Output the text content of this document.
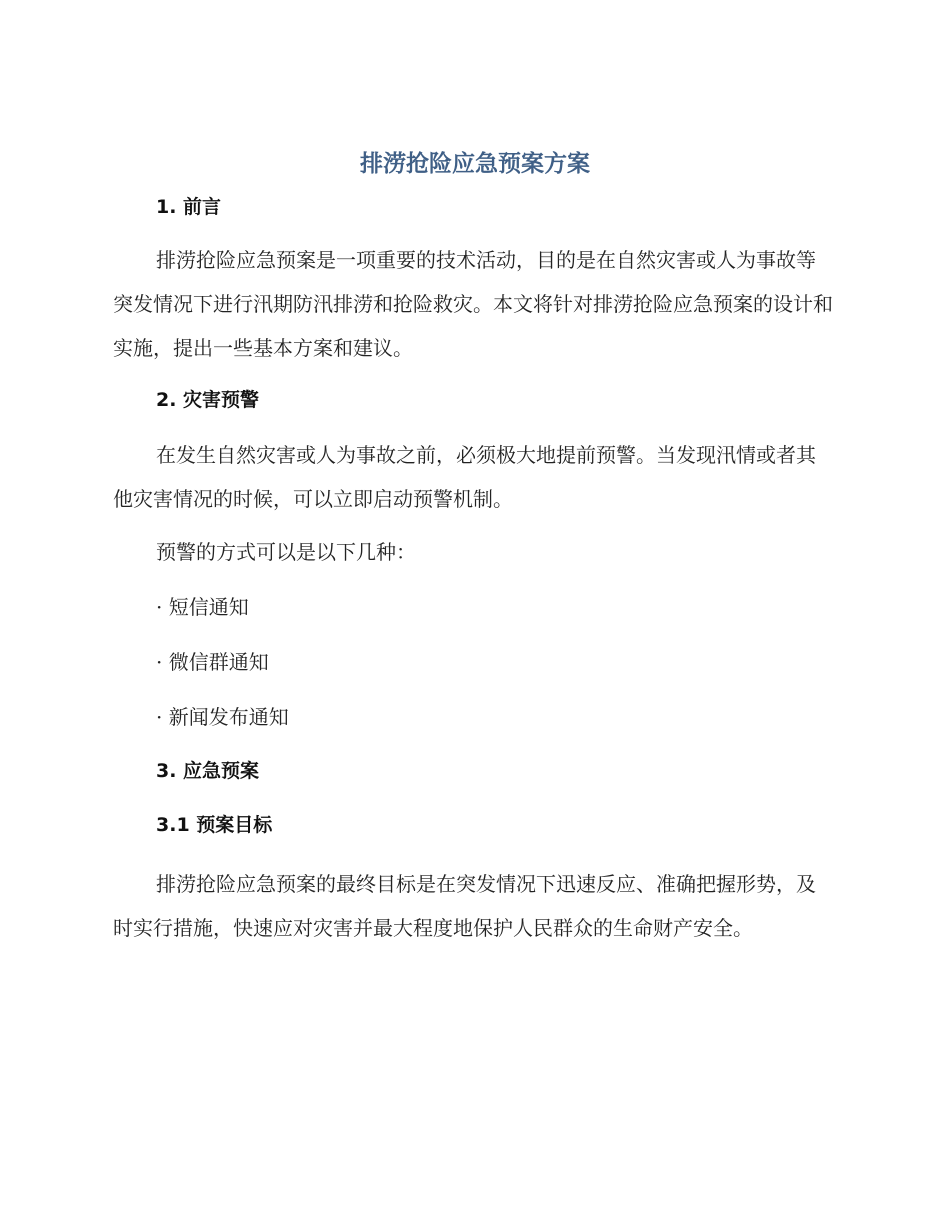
排涝抢险应急预案方案
1. 前言

排涝抢险应急预案是一项重要的技术活动，目的是在自然灾害或人为事故等突发情况下进行汛期防汛排涝和抢险救灾。本文将针对排涝抢险应急预案的设计和实施，提出一些基本方案和建议。

2. 灾害预警

在发生自然灾害或人为事故之前，必须极大地提前预警。当发现汛情或者其他灾害情况的时候，可以立即启动预警机制。

预警的方式可以是以下几种：

· 短信通知

· 微信群通知

· 新闻发布通知

3. 应急预案
3.1 预案目标

排涝抢险应急预案的最终目标是在突发情况下迅速反应、准确把握形势，及时实行措施，快速应对灾害并最大程度地保护人民群众的生命财产安全。
